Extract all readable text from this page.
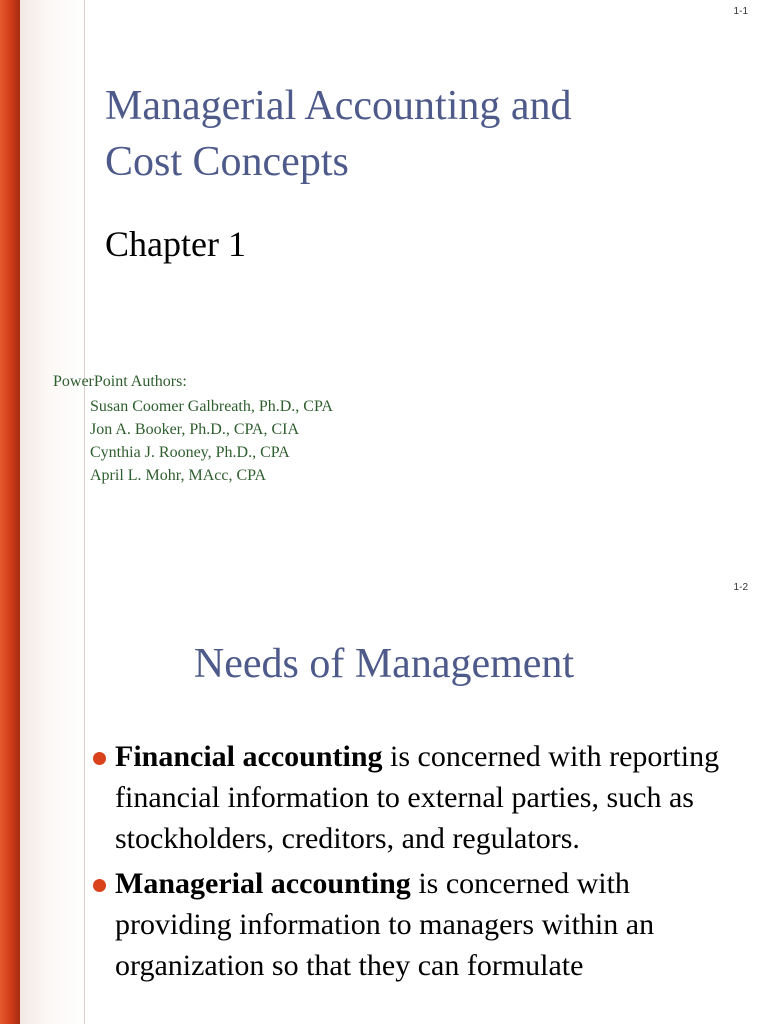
1-1
Managerial Accounting and
Cost Concepts
Chapter 1
PowerPoint Authors:
Susan Coomer Galbreath, Ph.D., CPA
Jon A. Booker, Ph.D., CPA, CIA
Cynthia J. Rooney, Ph.D., CPA
April L. Mohr, MAcc, CPA
1-2
Needs of Management
Financial accounting is concerned with reporting financial information to external parties, such as stockholders, creditors, and regulators.
Managerial accounting is concerned with providing information to managers within an organization so that they can formulate
